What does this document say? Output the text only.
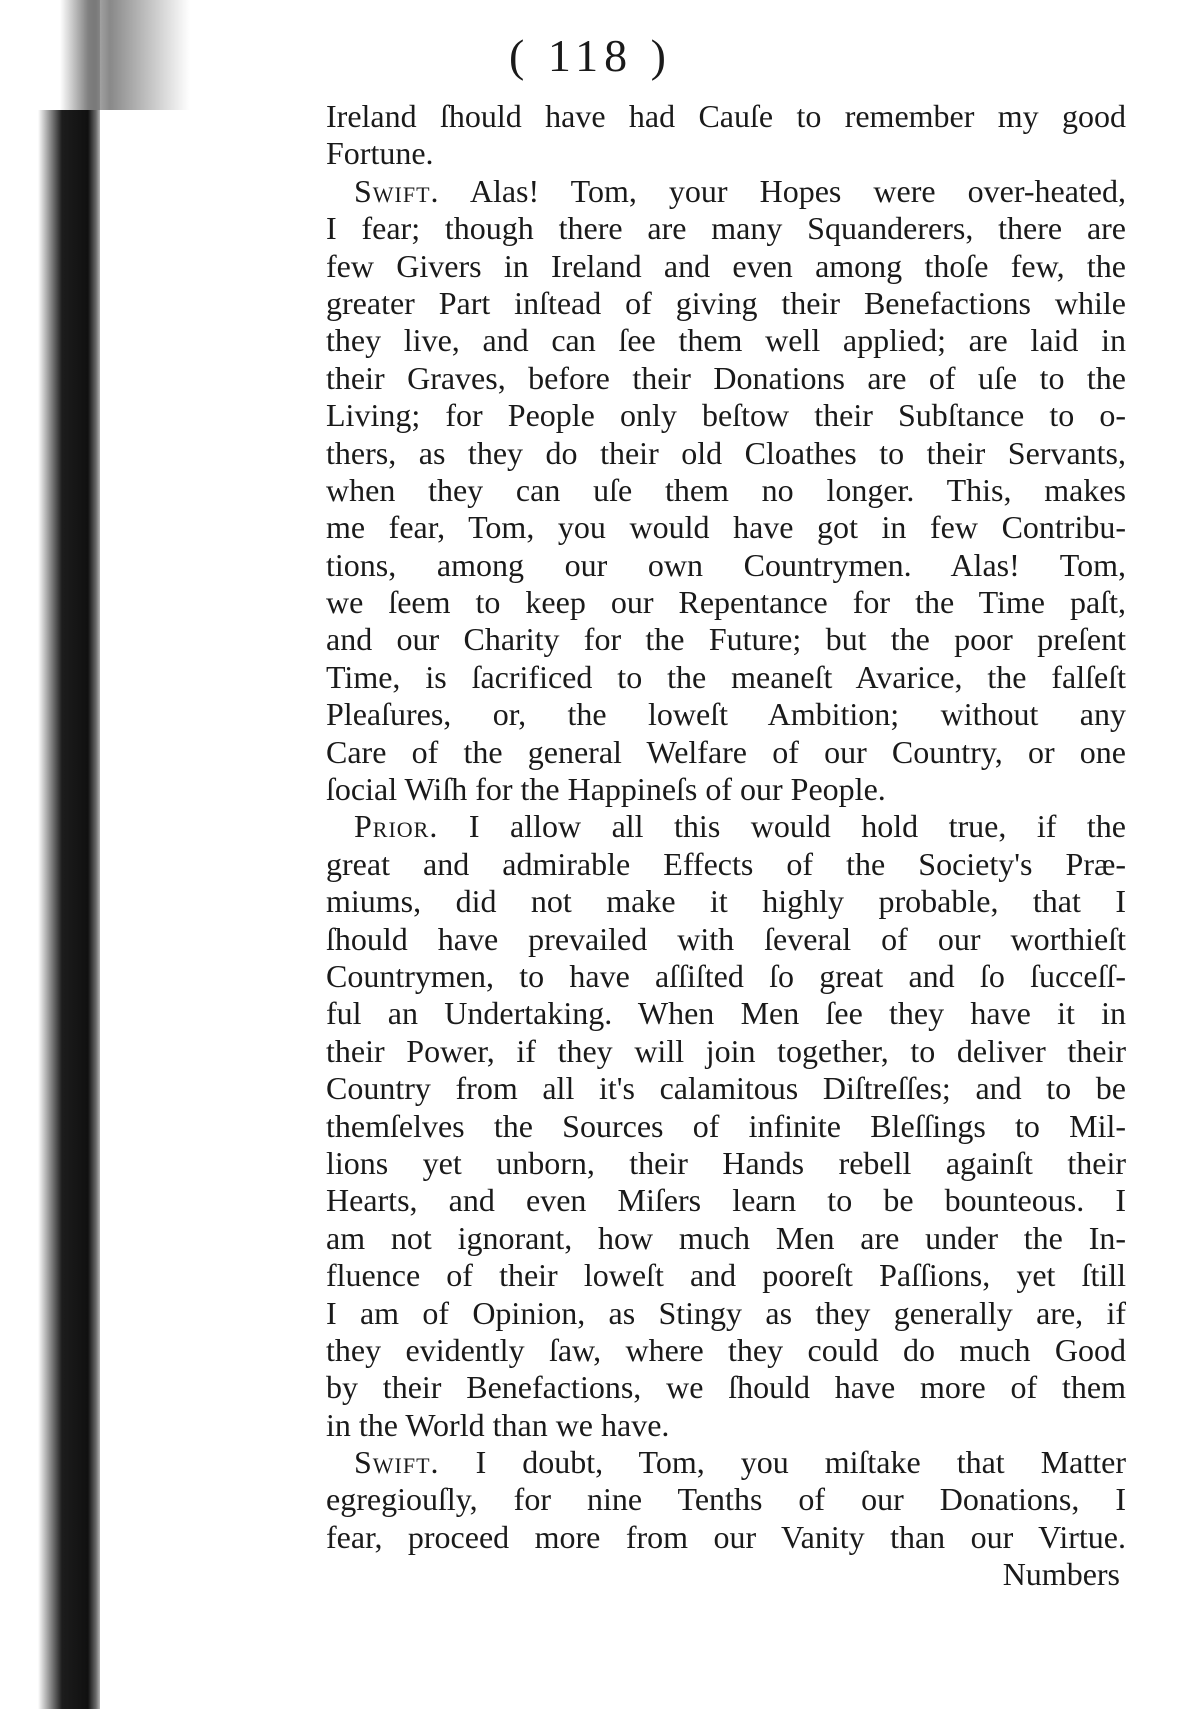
( 118 )
Ireland ſhould have had Cauſe to remember my good
Fortune.
Swift. Alas! Tom, your Hopes were over-heated,
I fear; though there are many Squanderers, there are
few Givers in Ireland and even among thoſe few, the
greater Part inſtead of giving their Benefactions while
they live, and can ſee them well applied; are laid in
their Graves, before their Donations are of uſe to the
Living; for People only beſtow their Subſtance to o-
thers, as they do their old Cloathes to their Servants,
when they can uſe them no longer. This, makes
me fear, Tom, you would have got in few Contribu-
tions, among our own Countrymen. Alas! Tom,
we ſeem to keep our Repentance for the Time paſt,
and our Charity for the Future; but the poor preſent
Time, is ſacrificed to the meaneſt Avarice, the falſeſt
Pleaſures, or, the loweſt Ambition; without any
Care of the general Welfare of our Country, or one
ſocial Wiſh for the Happineſs of our People.
Prior. I allow all this would hold true, if the
great and admirable Effects of the Society's Præ-
miums, did not make it highly probable, that I
ſhould have prevailed with ſeveral of our worthieſt
Countrymen, to have aſſiſted ſo great and ſo ſucceſſ-
ful an Undertaking. When Men ſee they have it in
their Power, if they will join together, to deliver their
Country from all it's calamitous Diſtreſſes; and to be
themſelves the Sources of infinite Bleſſings to Mil-
lions yet unborn, their Hands rebell againſt their
Hearts, and even Miſers learn to be bounteous. I
am not ignorant, how much Men are under the In-
fluence of their loweſt and pooreſt Paſſions, yet ſtill
I am of Opinion, as Stingy as they generally are, if
they evidently ſaw, where they could do much Good
by their Benefactions, we ſhould have more of them
in the World than we have.
Swift. I doubt, Tom, you miſtake that Matter
egregiouſly, for nine Tenths of our Donations, I
fear, proceed more from our Vanity than our Virtue.
Numbers
